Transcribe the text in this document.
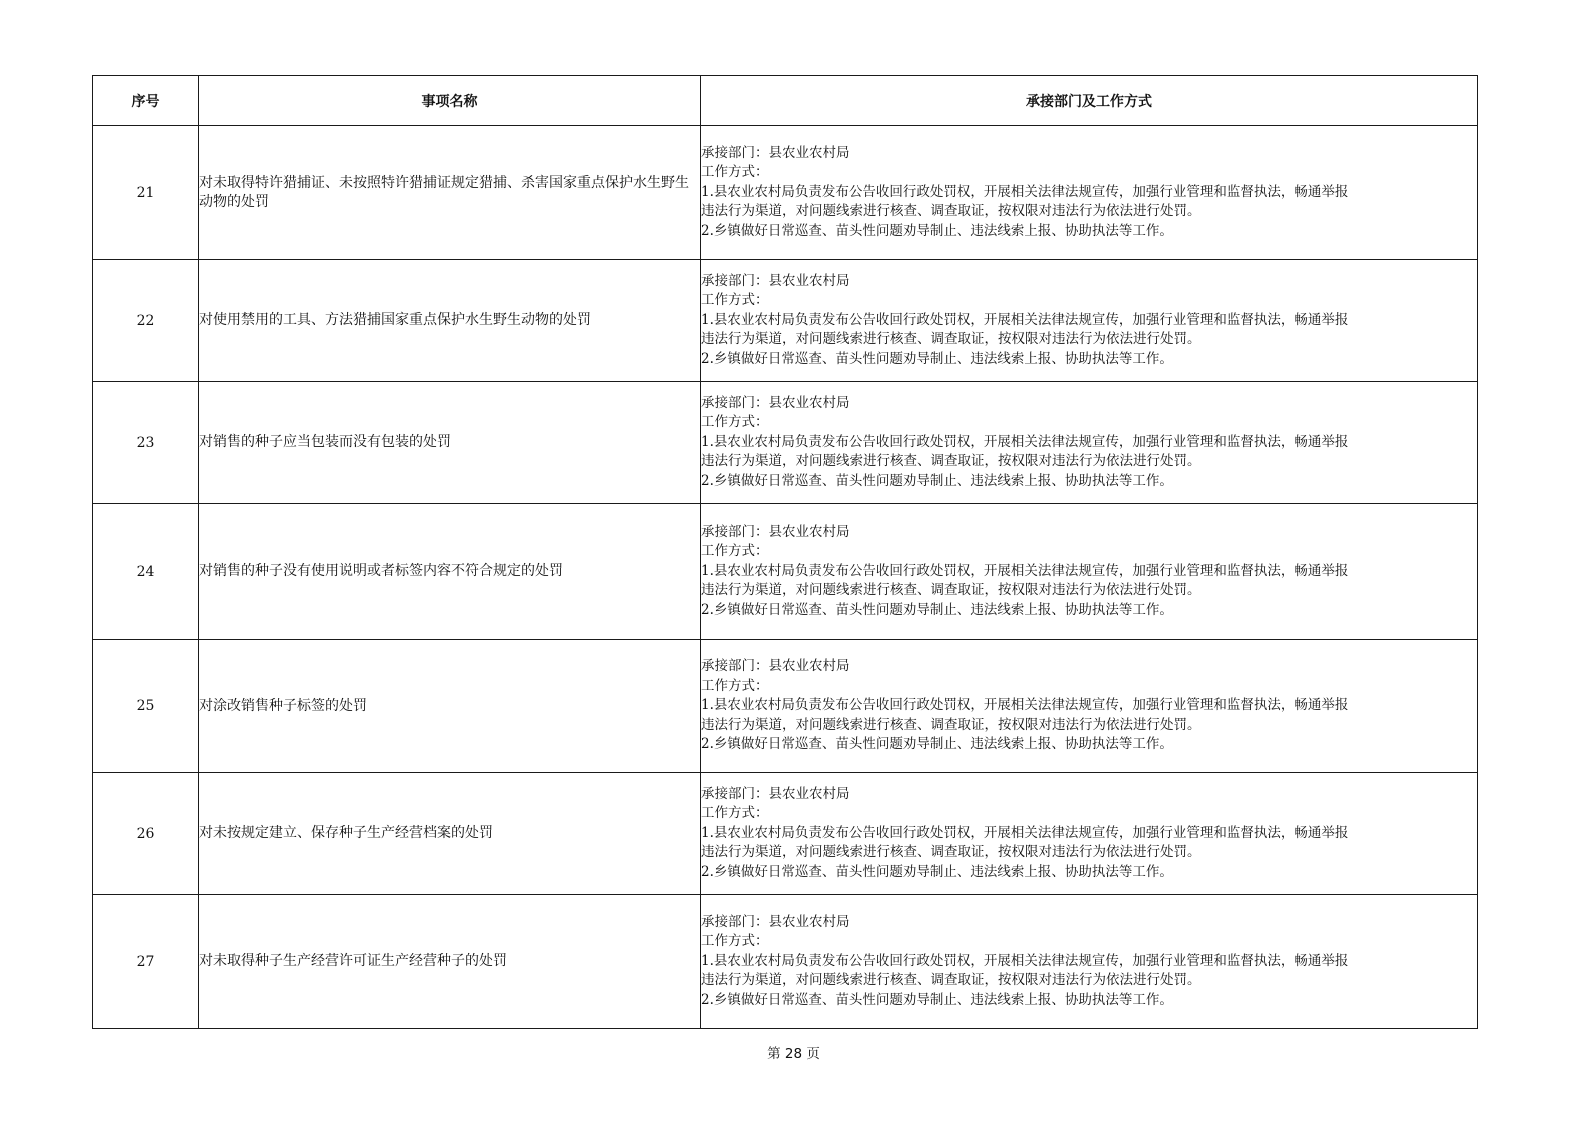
序号	事项名称	承接部门及工作方式
21	对未取得特许猎捕证、未按照特许猎捕证规定猎捕、杀害国家重点保护水生野生动物的处罚	承接部门：县农业农村局
工作方式：
1.县农业农村局负责发布公告收回行政处罚权，开展相关法律法规宣传，加强行业管理和监督执法，畅通举报
违法行为渠道，对问题线索进行核查、调查取证，按权限对违法行为依法进行处罚。
2.乡镇做好日常巡查、苗头性问题劝导制止、违法线索上报、协助执法等工作。

22	对使用禁用的工具、方法猎捕国家重点保护水生野生动物的处罚	承接部门：县农业农村局
工作方式：
1.县农业农村局负责发布公告收回行政处罚权，开展相关法律法规宣传，加强行业管理和监督执法，畅通举报
违法行为渠道，对问题线索进行核查、调查取证，按权限对违法行为依法进行处罚。
2.乡镇做好日常巡查、苗头性问题劝导制止、违法线索上报、协助执法等工作。

23	对销售的种子应当包装而没有包装的处罚	承接部门：县农业农村局
工作方式：
1.县农业农村局负责发布公告收回行政处罚权，开展相关法律法规宣传，加强行业管理和监督执法，畅通举报
违法行为渠道，对问题线索进行核查、调查取证，按权限对违法行为依法进行处罚。
2.乡镇做好日常巡查、苗头性问题劝导制止、违法线索上报、协助执法等工作。

24	对销售的种子没有使用说明或者标签内容不符合规定的处罚	承接部门：县农业农村局
工作方式：
1.县农业农村局负责发布公告收回行政处罚权，开展相关法律法规宣传，加强行业管理和监督执法，畅通举报
违法行为渠道，对问题线索进行核查、调查取证，按权限对违法行为依法进行处罚。
2.乡镇做好日常巡查、苗头性问题劝导制止、违法线索上报、协助执法等工作。

25	对涂改销售种子标签的处罚	承接部门：县农业农村局
工作方式：
1.县农业农村局负责发布公告收回行政处罚权，开展相关法律法规宣传，加强行业管理和监督执法，畅通举报
违法行为渠道，对问题线索进行核查、调查取证，按权限对违法行为依法进行处罚。
2.乡镇做好日常巡查、苗头性问题劝导制止、违法线索上报、协助执法等工作。

26	对未按规定建立、保存种子生产经营档案的处罚	承接部门：县农业农村局
工作方式：
1.县农业农村局负责发布公告收回行政处罚权，开展相关法律法规宣传，加强行业管理和监督执法，畅通举报
违法行为渠道，对问题线索进行核查、调查取证，按权限对违法行为依法进行处罚。
2.乡镇做好日常巡查、苗头性问题劝导制止、违法线索上报、协助执法等工作。

27	对未取得种子生产经营许可证生产经营种子的处罚	承接部门：县农业农村局
工作方式：
1.县农业农村局负责发布公告收回行政处罚权，开展相关法律法规宣传，加强行业管理和监督执法，畅通举报
违法行为渠道，对问题线索进行核查、调查取证，按权限对违法行为依法进行处罚。
2.乡镇做好日常巡查、苗头性问题劝导制止、违法线索上报、协助执法等工作。
第 28 页
